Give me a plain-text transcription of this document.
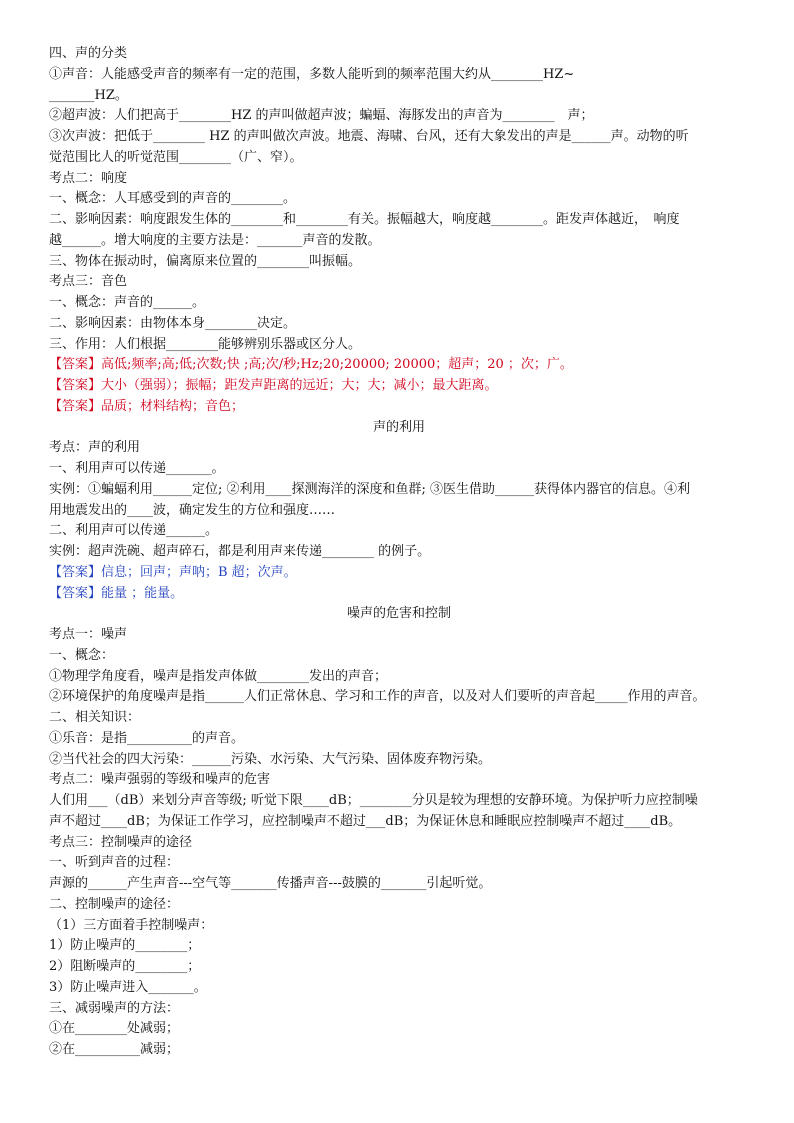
四、声的分类
①声音：人能感受声音的频率有一定的范围，多数人能听到的频率范围大约从________HZ~
_______HZ。
②超声波：人们把高于________HZ 的声叫做超声波；蝙蝠、海豚发出的声音为________　声；
③次声波：把低于________ HZ 的声叫做次声波。地震、海啸、台风，还有大象发出的声是______声。动物的听
觉范围比人的听觉范围________（广、窄）。
考点二：响度
一、概念：人耳感受到的声音的________。
二、影响因素：响度跟发生体的________和________有关。振幅越大，响度越________。距发声体越近，　响度
越______。增大响度的主要方法是：_______声音的发散。
三、物体在振动时，偏离原来位置的________叫振幅。
考点三：音色
一、概念：声音的______。
二、影响因素：由物体本身________决定。
三、作用：人们根据________能够辨别乐器或区分人。
【答案】高低;频率;高;低;次数;快 ;高;次/秒;Hz;20;20000; 20000；超声；20 ；次；广。
【答案】大小（强弱）；振幅；距发声距离的远近；大；大；减小；最大距离。
【答案】品质；材料结构；音色；
声的利用
考点：声的利用
一、利用声可以传递_______。
实例：①蝙蝠利用______定位; ②利用____探测海洋的深度和鱼群; ③医生借助______获得体内器官的信息。④利
用地震发出的____波，确定发生的方位和强度……
二、利用声可以传递______。
实例：超声洗碗、超声碎石，都是利用声来传递________ 的例子。
【答案】信息；回声；声呐；B 超；次声。
【答案】能量 ；能量。
噪声的危害和控制
考点一：噪声
一、概念：
①物理学角度看，噪声是指发声体做________发出的声音；
②环境保护的角度噪声是指______人们正常休息、学习和工作的声音，以及对人们要听的声音起_____作用的声音。
二、相关知识：
①乐音：是指__________的声音。
②当代社会的四大污染：______污染、水污染、大气污染、固体废弃物污染。
考点二：噪声强弱的等级和噪声的危害
人们用___（dB）来划分声音等级; 听觉下限____dB；________分贝是较为理想的安静环境。为保护听力应控制噪
声不超过____dB；为保证工作学习，应控制噪声不超过___dB；为保证休息和睡眠应控制噪声不超过____dB。
考点三：控制噪声的途径
一、听到声音的过程：
声源的______产生声音---空气等_______传播声音---鼓膜的_______引起听觉。
二、控制噪声的途径：
（1）三方面着手控制噪声：
1）防止噪声的________；
2）阻断噪声的________；
3）防止噪声进入_______。
三、减弱噪声的方法：
①在________处减弱；
②在__________减弱；
